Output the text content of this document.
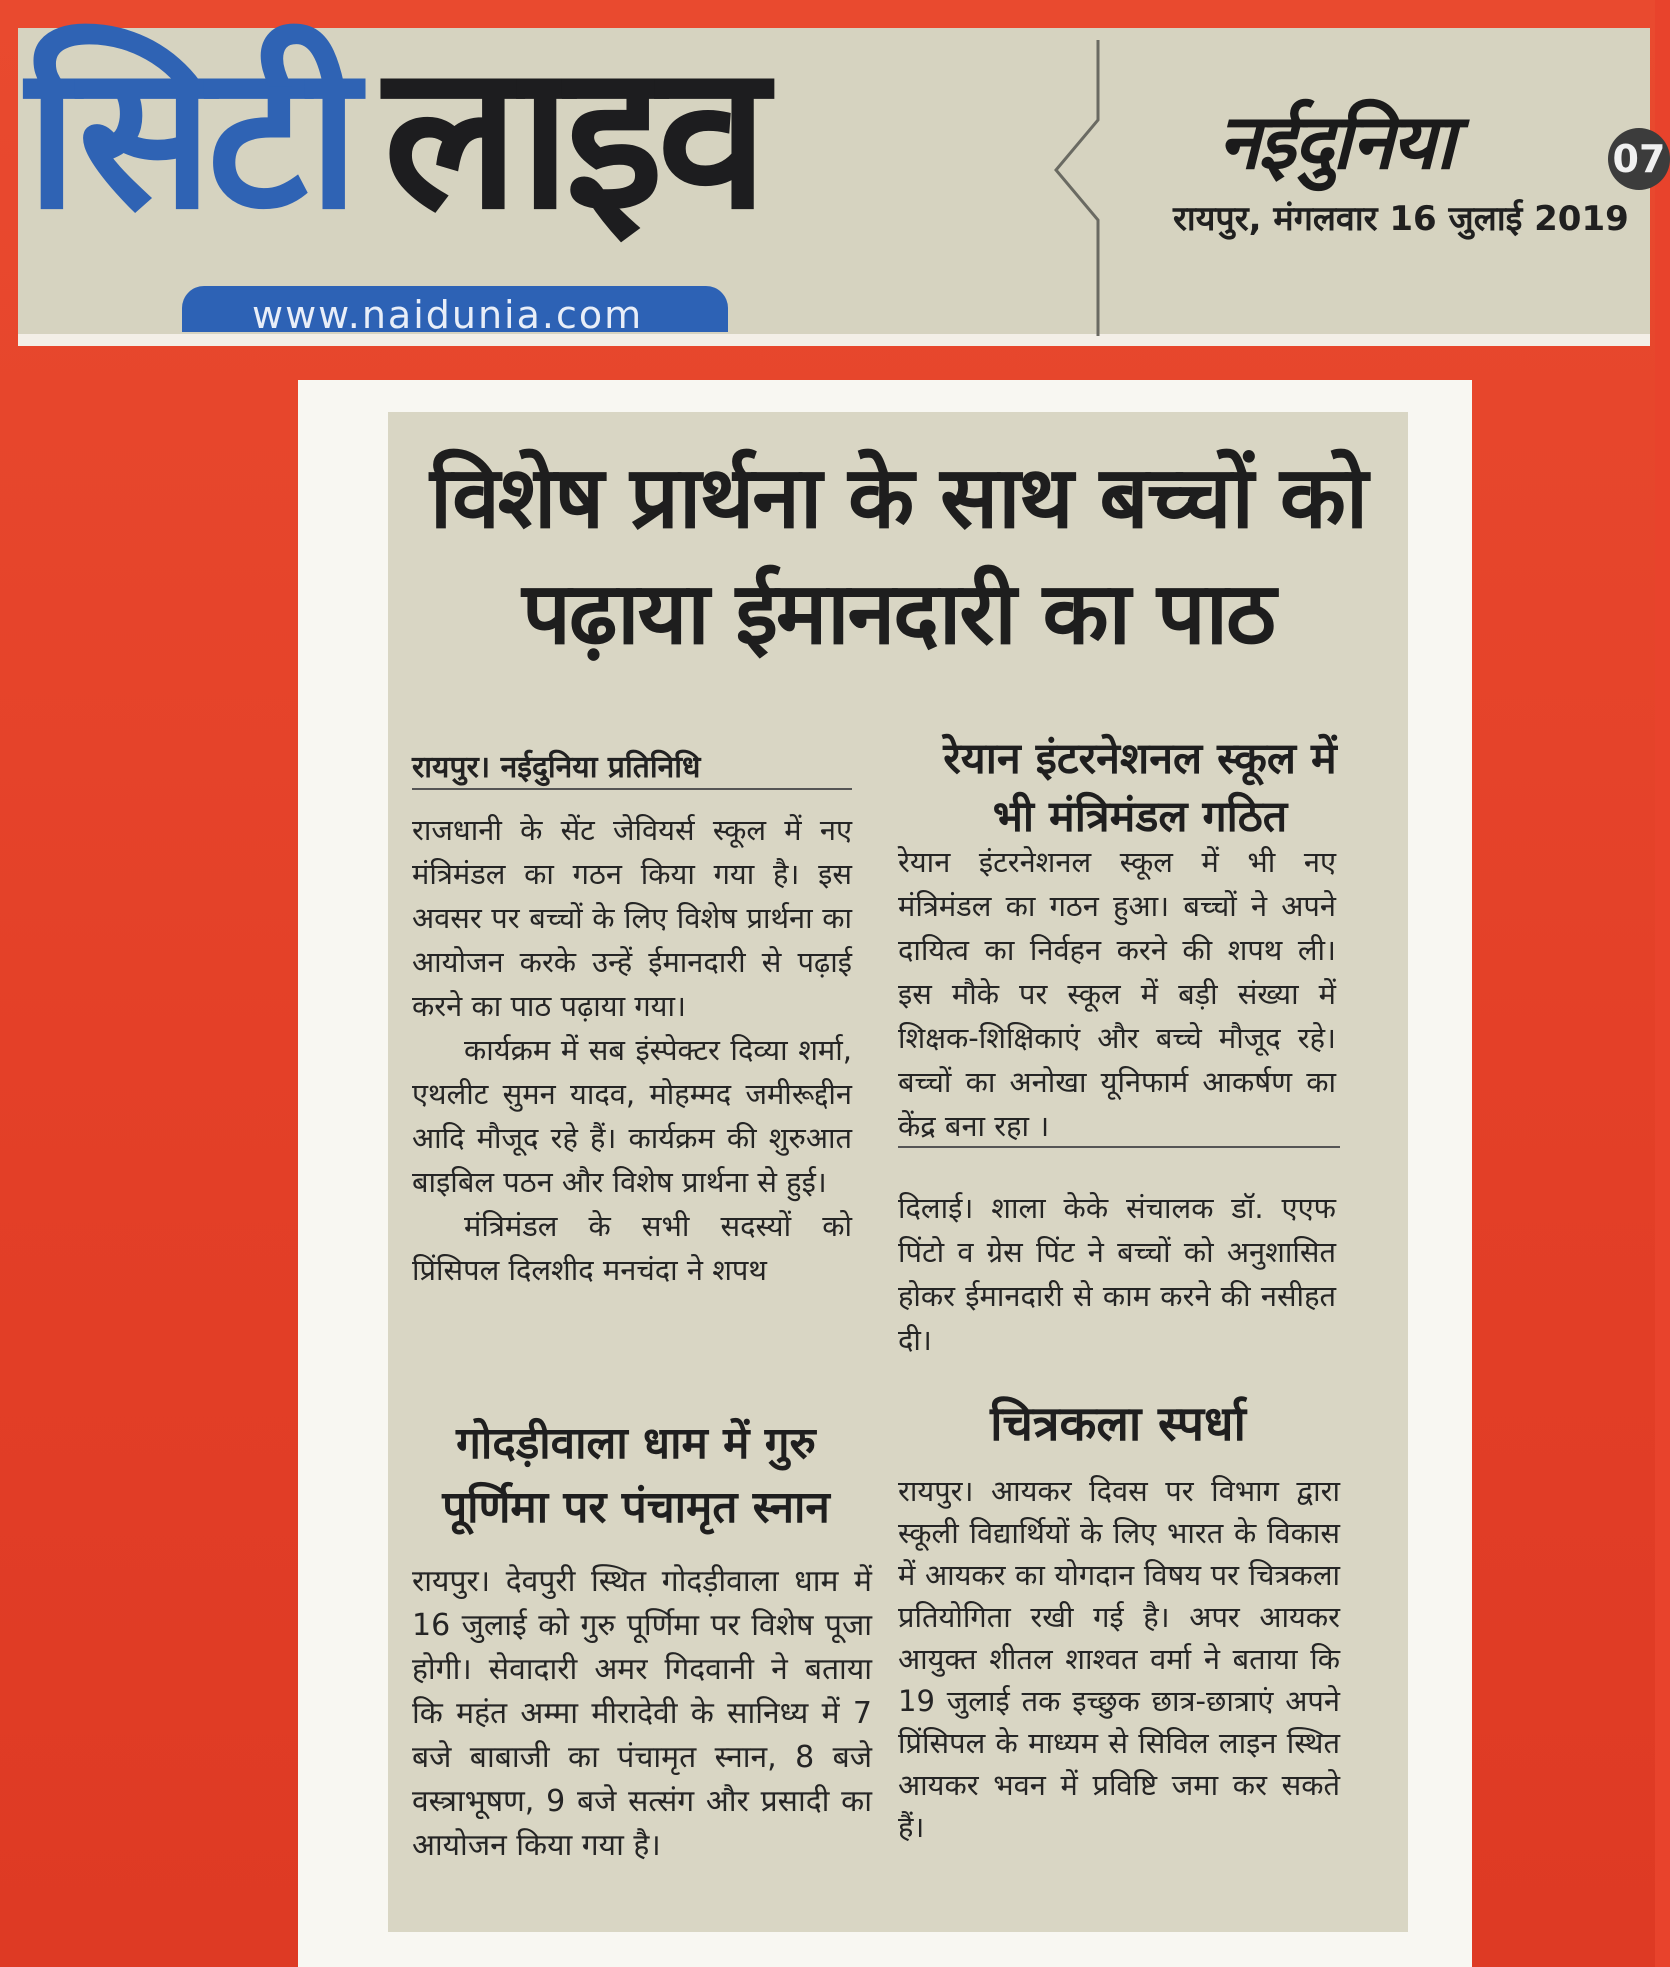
सिटी लाइव
www.naidunia.com
नईदुनिया	07
रायपुर, मंगलवार 16 जुलाई 2019
विशेष प्रार्थना के साथ बच्चों को
पढ़ाया ईमानदारी का पाठ
रायपुर। नईदुनिया प्रतिनिधि

राजधानी के सेंट जेवियर्स स्कूल में नए मंत्रिमंडल का गठन किया गया है। इस अवसर पर बच्चों के लिए विशेष प्रार्थना का आयोजन करके उन्हें ईमानदारी से पढ़ाई करने का पाठ पढ़ाया गया।

कार्यक्रम में सब इंस्पेक्टर दिव्या शर्मा, एथलीट सुमन यादव, मोहम्मद जमीरूद्दीन आदि मौजूद रहे हैं। कार्यक्रम की शुरुआत बाइबिल पठन और विशेष प्रार्थना से हुई।

मंत्रिमंडल के सभी सदस्यों को प्रिंसिपल दिलशीद मनचंदा ने शपथ

रेयान इंटरनेशनल स्कूल में
भी मंत्रिमंडल गठित
रेयान इंटरनेशनल स्कूल में भी नए मंत्रिमंडल का गठन हुआ। बच्चों ने अपने दायित्व का निर्वहन करने की शपथ ली। इस मौके पर स्कूल में बड़ी संख्या में शिक्षक-शिक्षिकाएं और बच्चे मौजूद रहे। बच्चों का अनोखा यूनिफार्म आकर्षण का केंद्र बना रहा ।
दिलाई। शाला केके संचालक डॉ. एएफ पिंटो व ग्रेस पिंट ने बच्चों को अनुशासित होकर ईमानदारी से काम करने की नसीहत दी।
गोदड़ीवाला धाम में गुरु
पूर्णिमा पर पंचामृत स्नान
रायपुर। देवपुरी स्थित गोदड़ीवाला धाम में 16 जुलाई को गुरु पूर्णिमा पर विशेष पूजा होगी। सेवादारी अमर गिदवानी ने बताया कि महंत अम्मा मीरादेवी के सानिध्य में 7 बजे बाबाजी का पंचामृत स्नान, 8 बजे वस्त्राभूषण, 9 बजे सत्संग और प्रसादी का आयोजन किया गया है।
चित्रकला स्पर्धा
रायपुर। आयकर दिवस पर विभाग द्वारा स्कूली विद्यार्थियों के लिए भारत के विकास में आयकर का योगदान विषय पर चित्रकला प्रतियोगिता रखी गई है। अपर आयकर आयुक्त शीतल शाश्वत वर्मा ने बताया कि 19 जुलाई तक इच्छुक छात्र-छात्राएं अपने प्रिंसिपल के माध्यम से सिविल लाइन स्थित आयकर भवन में प्रविष्टि जमा कर सकते हैं।
